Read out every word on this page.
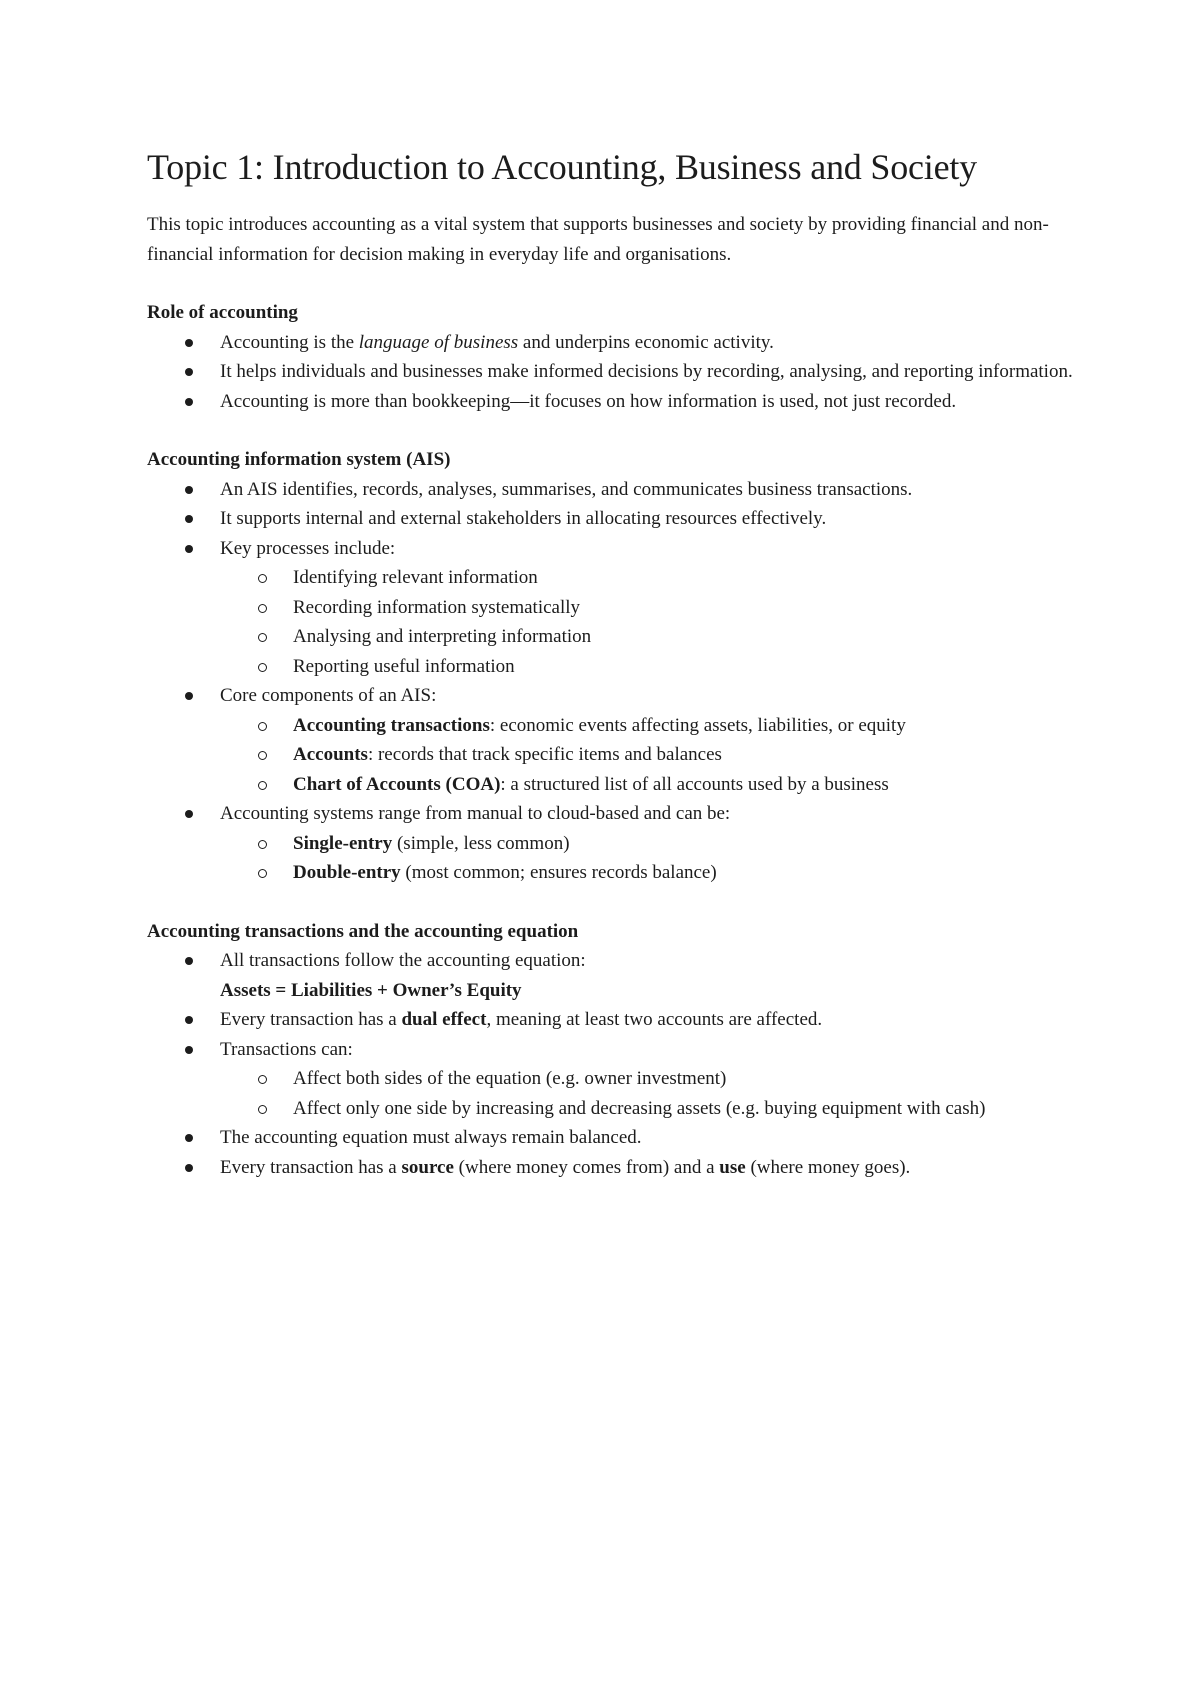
Topic 1: Introduction to Accounting, Business and Society

This topic introduces accounting as a vital system that supports businesses and society by providing financial and non-financial information for decision making in everyday life and organisations.

Role of accounting
Accounting is the language of business and underpins economic activity.
It helps individuals and businesses make informed decisions by recording, analysing, and reporting information.
Accounting is more than bookkeeping—it focuses on how information is used, not just recorded.
Accounting information system (AIS)
An AIS identifies, records, analyses, summarises, and communicates business transactions.
It supports internal and external stakeholders in allocating resources effectively.
Key processes include:
Identifying relevant information
Recording information systematically
Analysing and interpreting information
Reporting useful information
Core components of an AIS:
Accounting transactions: economic events affecting assets, liabilities, or equity
Accounts: records that track specific items and balances
Chart of Accounts (COA): a structured list of all accounts used by a business
Accounting systems range from manual to cloud-based and can be:
Single-entry (simple, less common)
Double-entry (most common; ensures records balance)
Accounting transactions and the accounting equation
All transactions follow the accounting equation:
Assets = Liabilities + Owner’s Equity
Every transaction has a dual effect, meaning at least two accounts are affected.
Transactions can:
Affect both sides of the equation (e.g. owner investment)
Affect only one side by increasing and decreasing assets (e.g. buying equipment with cash)
The accounting equation must always remain balanced.
Every transaction has a source (where money comes from) and a use (where money goes).
